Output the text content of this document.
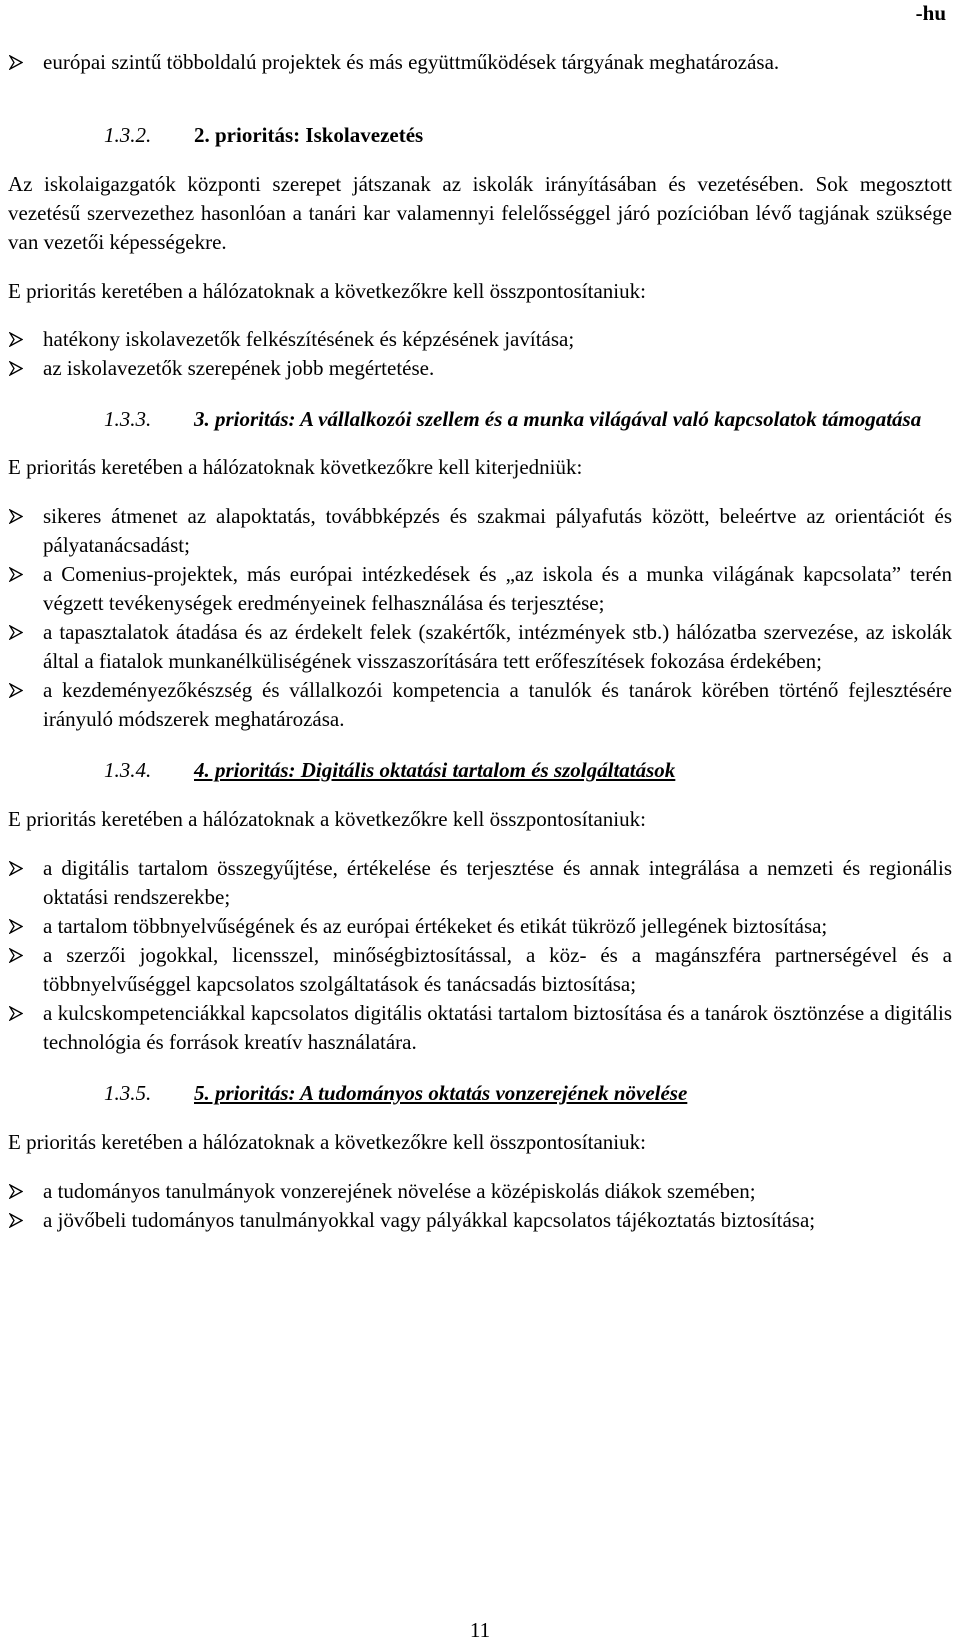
-hu
európai szintű többoldalú projektek és más együttműködések tárgyának meghatározása.
1.3.2. 2. prioritás: Iskolavezetés

Az iskolaigazgatók központi szerepet játszanak az iskolák irányításában és vezetésében. Sok megosztott vezetésű szervezethez hasonlóan a tanári kar valamennyi felelősséggel járó pozícióban lévő tagjának szüksége van vezetői képességekre.

E prioritás keretében a hálózatoknak a következőkre kell összpontosítaniuk:

hatékony iskolavezetők felkészítésének és képzésének javítása;
az iskolavezetők szerepének jobb megértetése.
1.3.3. 3. prioritás: A vállalkozói szellem és a munka világával való kapcsolatok támogatása

E prioritás keretében a hálózatoknak következőkre kell kiterjedniük:

sikeres átmenet az alapoktatás, továbbképzés és szakmai pályafutás között, beleértve az orientációt és pályatanácsadást;
a Comenius-projektek, más európai intézkedések és „az iskola és a munka világának kapcsolata” terén végzett tevékenységek eredményeinek felhasználása és terjesztése;
a tapasztalatok átadása és az érdekelt felek (szakértők, intézmények stb.) hálózatba szervezése, az iskolák által a fiatalok munkanélküliségének visszaszorítására tett erőfeszítések fokozása érdekében;
a kezdeményezőkészség és vállalkozói kompetencia a tanulók és tanárok körében történő fejlesztésére irányuló módszerek meghatározása.
1.3.4. 4. prioritás: Digitális oktatási tartalom és szolgáltatások

E prioritás keretében a hálózatoknak a következőkre kell összpontosítaniuk:

a digitális tartalom összegyűjtése, értékelése és terjesztése és annak integrálása a nemzeti és regionális oktatási rendszerekbe;
a tartalom többnyelvűségének és az európai értékeket és etikát tükröző jellegének biztosítása;
a szerzői jogokkal, licensszel, minőségbiztosítással, a köz- és a magánszféra partnerségével és a többnyelvűséggel kapcsolatos szolgáltatások és tanácsadás biztosítása;
a kulcskompetenciákkal kapcsolatos digitális oktatási tartalom biztosítása és a tanárok ösztönzése a digitális technológia és források kreatív használatára.
1.3.5. 5. prioritás: A tudományos oktatás vonzerejének növelése

E prioritás keretében a hálózatoknak a következőkre kell összpontosítaniuk:

a tudományos tanulmányok vonzerejének növelése a középiskolás diákok szemében;
a jövőbeli tudományos tanulmányokkal vagy pályákkal kapcsolatos tájékoztatás biztosítása;
11
